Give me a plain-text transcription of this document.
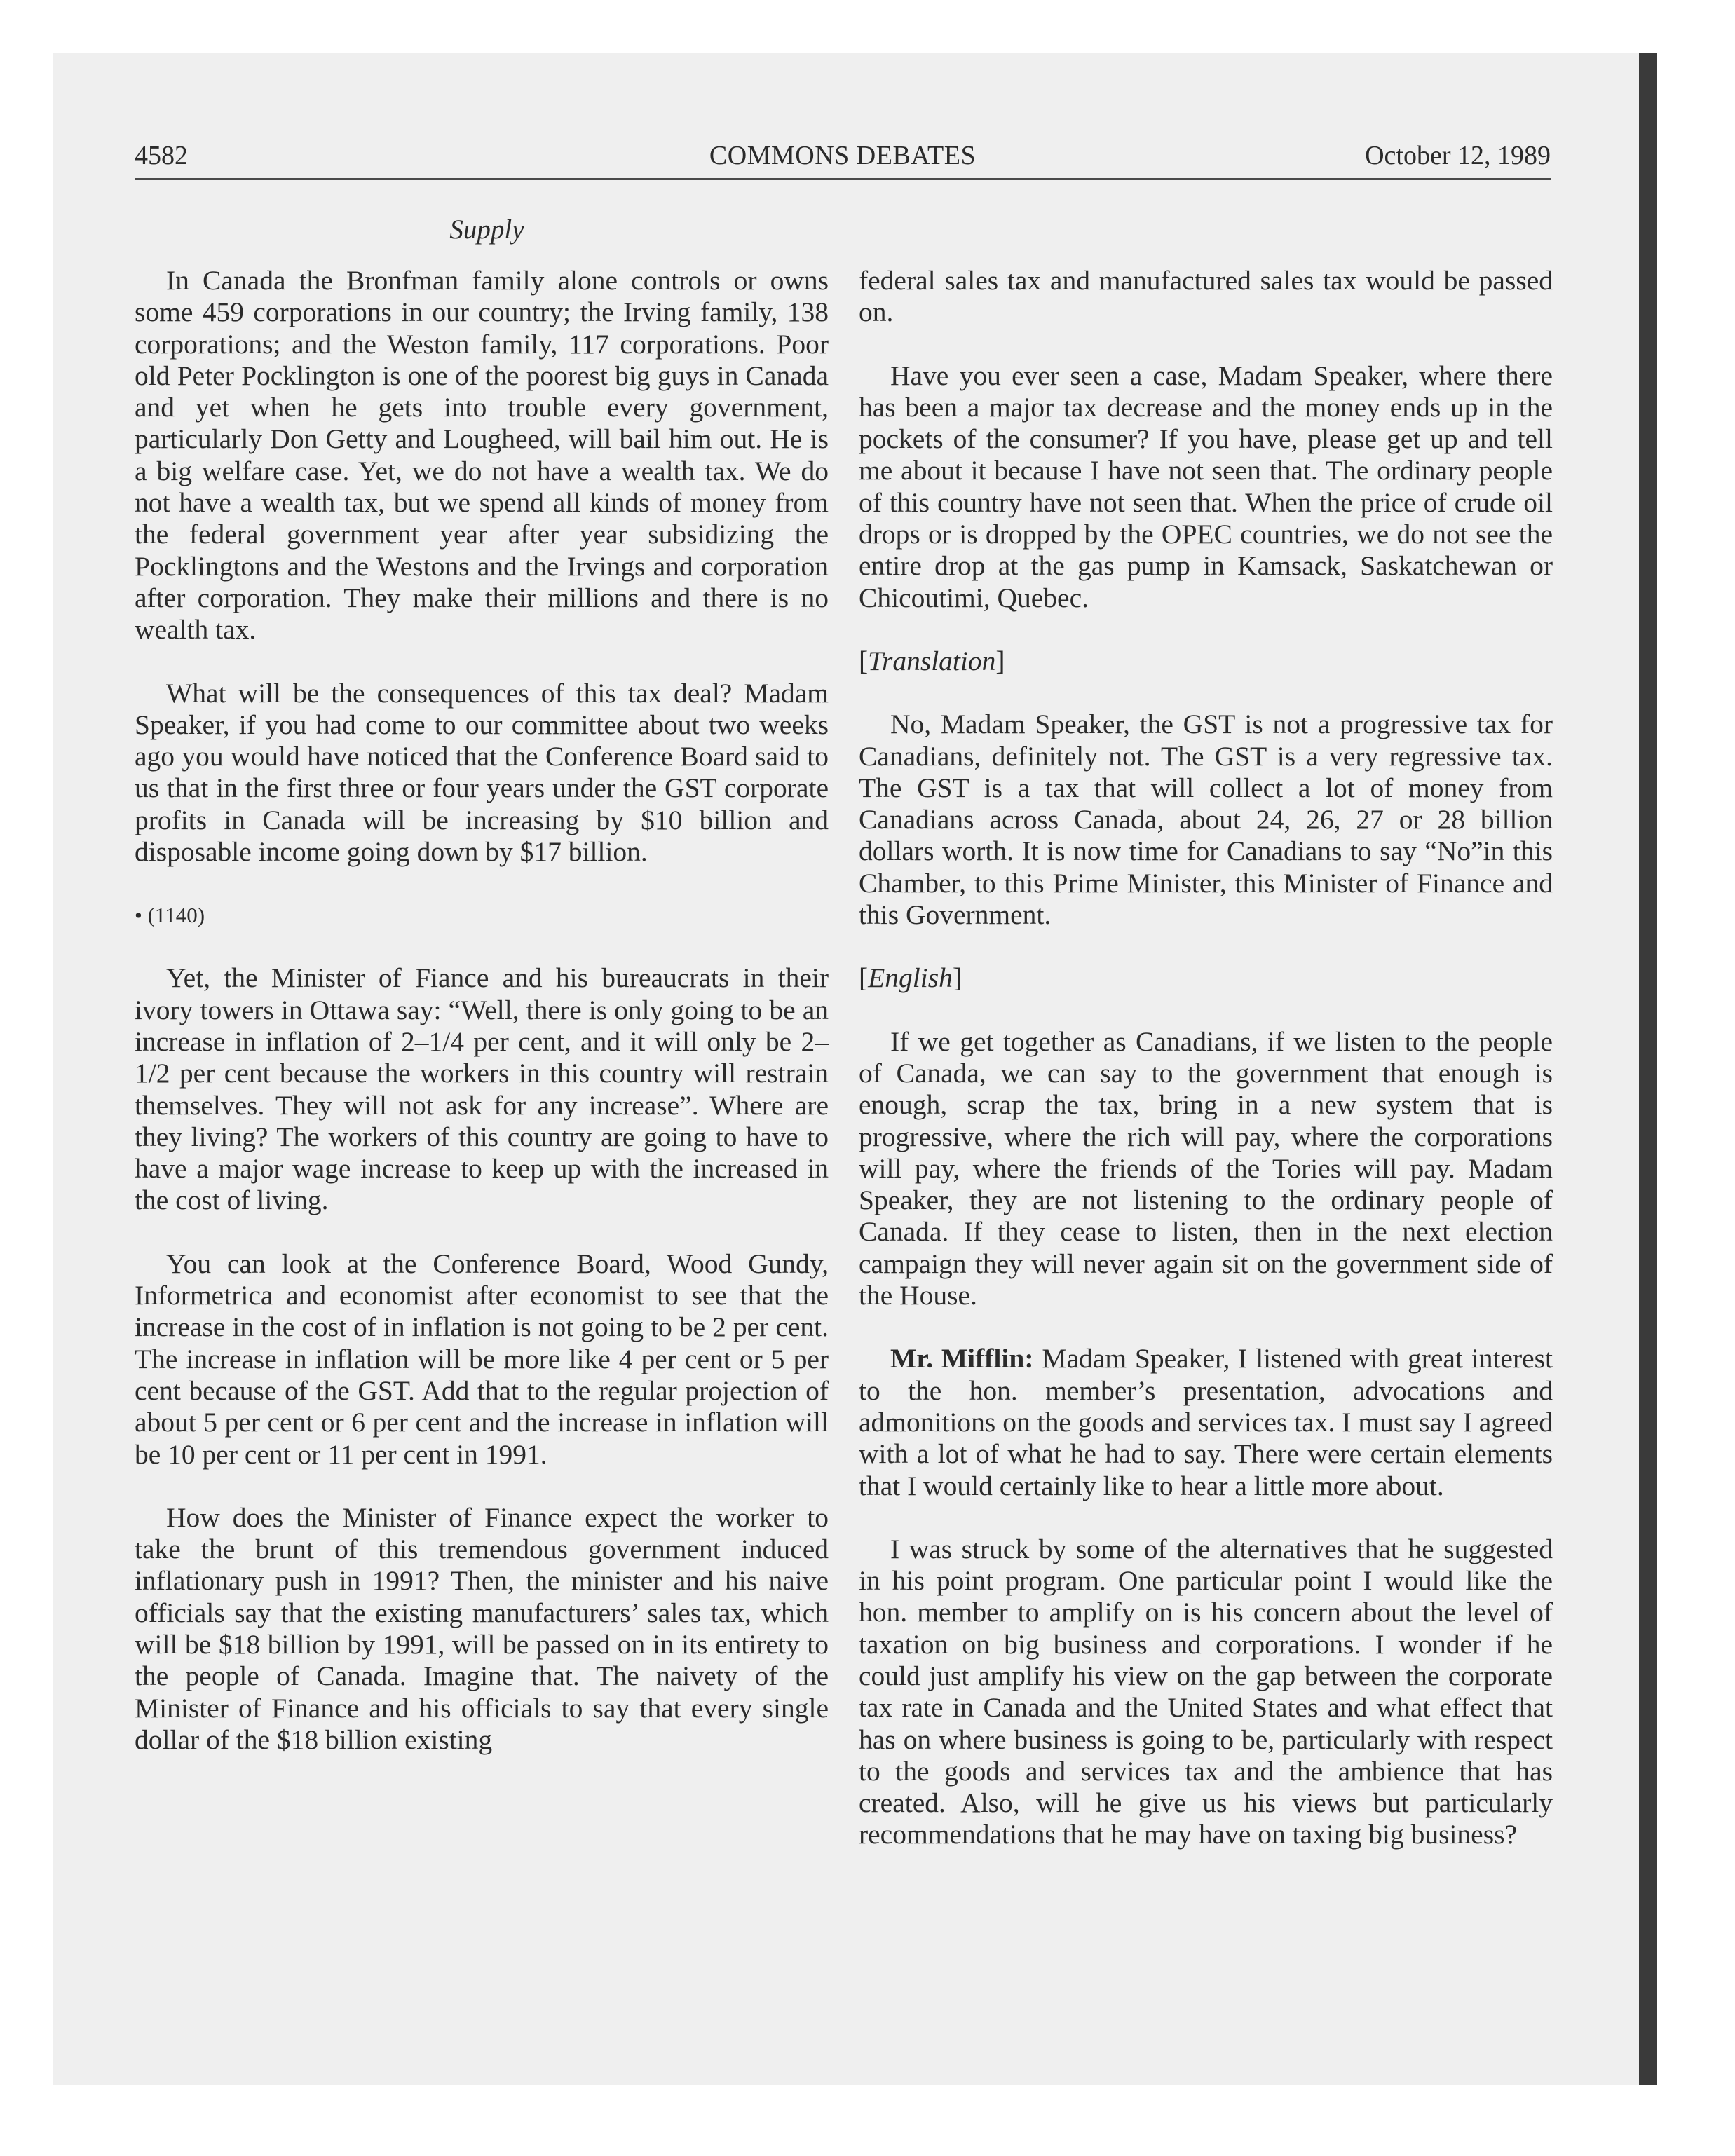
4582	COMMONS DEBATES	October 12, 1989
Supply

In Canada the Bronfman family alone controls or owns some 459 corporations in our country; the Irving family, 138 corporations; and the Weston family, 117 corporations. Poor old Peter Pocklington is one of the poorest big guys in Canada and yet when he gets into trouble every government, particularly Don Getty and Lougheed, will bail him out. He is a big welfare case. Yet, we do not have a wealth tax. We do not have a wealth tax, but we spend all kinds of money from the federal government year after year subsidizing the Pocklingtons and the Westons and the Irvings and corporation after corporation. They make their millions and there is no wealth tax.

What will be the consequences of this tax deal? Madam Speaker, if you had come to our committee about two weeks ago you would have noticed that the Conference Board said to us that in the first three or four years under the GST corporate profits in Canada will be increasing by $10 billion and disposable income going down by $17 billion.

• (1140)

Yet, the Minister of Fiance and his bureaucrats in their ivory towers in Ottawa say: “Well, there is only going to be an increase in inflation of 2–1/4 per cent, and it will only be 2–1/2 per cent because the workers in this country will restrain themselves. They will not ask for any increase”. Where are they living? The workers of this country are going to have to have a major wage increase to keep up with the increased in the cost of living.

You can look at the Conference Board, Wood Gundy, Informetrica and economist after economist to see that the increase in the cost of in inflation is not going to be 2 per cent. The increase in inflation will be more like 4 per cent or 5 per cent because of the GST. Add that to the regular projection of about 5 per cent or 6 per cent and the increase in inflation will be 10 per cent or 11 per cent in 1991.

How does the Minister of Finance expect the worker to take the brunt of this tremendous government induced inflationary push in 1991? Then, the minister and his naive officials say that the existing manufacturers’ sales tax, which will be $18 billion by 1991, will be passed on in its entirety to the people of Canada. Imagine that. The naivety of the Minister of Finance and his officials to say that every single dollar of the $18 billion existing

federal sales tax and manufactured sales tax would be passed on.

Have you ever seen a case, Madam Speaker, where there has been a major tax decrease and the money ends up in the pockets of the consumer? If you have, please get up and tell me about it because I have not seen that. The ordinary people of this country have not seen that. When the price of crude oil drops or is dropped by the OPEC countries, we do not see the entire drop at the gas pump in Kamsack, Saskatchewan or Chicoutimi, Quebec.

[Translation]

No, Madam Speaker, the GST is not a progressive tax for Canadians, definitely not. The GST is a very regressive tax. The GST is a tax that will collect a lot of money from Canadians across Canada, about 24, 26, 27 or 28 billion dollars worth. It is now time for Canadians to say “No”in this Chamber, to this Prime Minister, this Minister of Finance and this Government.

[English]

If we get together as Canadians, if we listen to the people of Canada, we can say to the government that enough is enough, scrap the tax, bring in a new system that is progressive, where the rich will pay, where the corporations will pay, where the friends of the Tories will pay. Madam Speaker, they are not listening to the ordinary people of Canada. If they cease to listen, then in the next election campaign they will never again sit on the government side of the House.

Mr. Mifflin: Madam Speaker, I listened with great interest to the hon. member’s presentation, advocations and admonitions on the goods and services tax. I must say I agreed with a lot of what he had to say. There were certain elements that I would certainly like to hear a little more about.

I was struck by some of the alternatives that he suggested in his point program. One particular point I would like the hon. member to amplify on is his concern about the level of taxation on big business and corporations. I wonder if he could just amplify his view on the gap between the corporate tax rate in Canada and the United States and what effect that has on where business is going to be, particularly with respect to the goods and services tax and the ambience that has created. Also, will he give us his views but particularly recommendations that he may have on taxing big business?
